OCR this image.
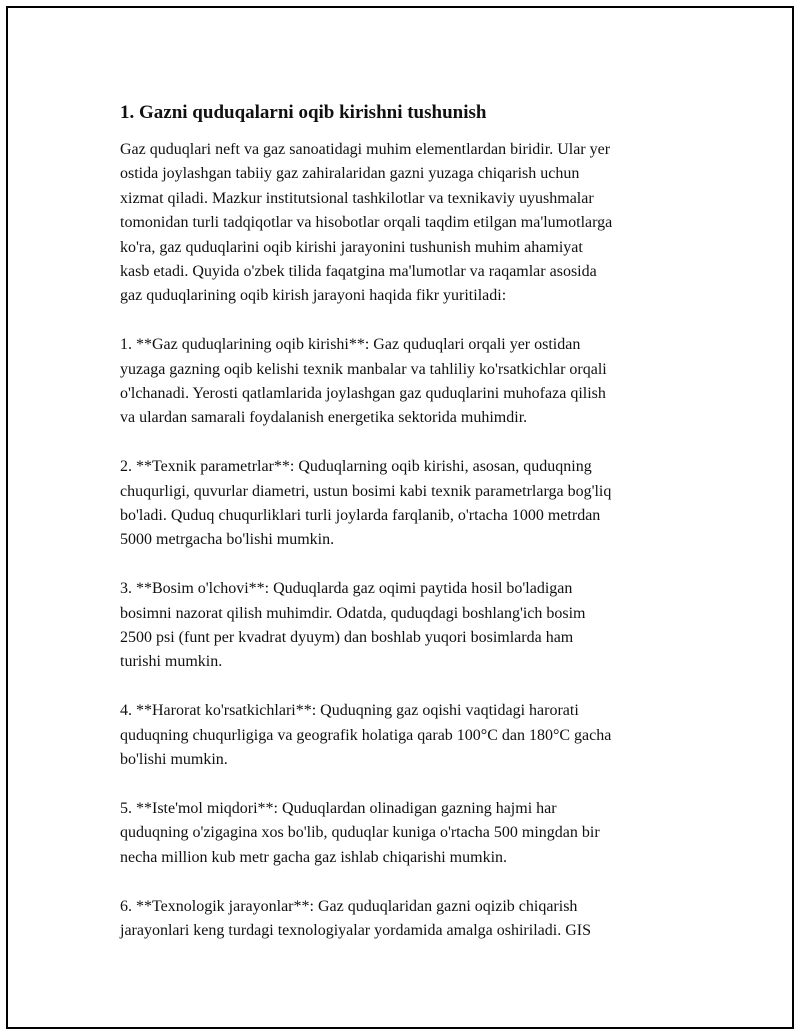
1. Gazni quduqalarni oqib kirishni tushunish

Gaz quduqlari neft va gaz sanoatidagi muhim elementlardan biridir. Ular yer
ostida joylashgan tabiiy gaz zahiralaridan gazni yuzaga chiqarish uchun
xizmat qiladi. Mazkur institutsional tashkilotlar va texnikaviy uyushmalar
tomonidan turli tadqiqotlar va hisobotlar orqali taqdim etilgan ma'lumotlarga
ko'ra, gaz quduqlarini oqib kirishi jarayonini tushunish muhim ahamiyat
kasb etadi. Quyida o'zbek tilida faqatgina ma'lumotlar va raqamlar asosida
gaz quduqlarining oqib kirish jarayoni haqida fikr yuritiladi:

1. **Gaz quduqlarining oqib kirishi**: Gaz quduqlari orqali yer ostidan
yuzaga gazning oqib kelishi texnik manbalar va tahliliy ko'rsatkichlar orqali
o'lchanadi. Yerosti qatlamlarida joylashgan gaz quduqlarini muhofaza qilish
va ulardan samarali foydalanish energetika sektorida muhimdir.

2. **Texnik parametrlar**: Quduqlarning oqib kirishi, asosan, quduqning
chuqurligi, quvurlar diametri, ustun bosimi kabi texnik parametrlarga bog'liq
bo'ladi. Quduq chuqurliklari turli joylarda farqlanib, o'rtacha 1000 metrdan
5000 metrgacha bo'lishi mumkin.

3. **Bosim o'lchovi**: Quduqlarda gaz oqimi paytida hosil bo'ladigan
bosimni nazorat qilish muhimdir. Odatda, quduqdagi boshlang'ich bosim
2500 psi (funt per kvadrat dyuym) dan boshlab yuqori bosimlarda ham
turishi mumkin.

4. **Harorat ko'rsatkichlari**: Quduqning gaz oqishi vaqtidagi harorati
quduqning chuqurligiga va geografik holatiga qarab 100°C dan 180°C gacha
bo'lishi mumkin.

5. **Iste'mol miqdori**: Quduqlardan olinadigan gazning hajmi har
quduqning o'zigagina xos bo'lib, quduqlar kuniga o'rtacha 500 mingdan bir
necha million kub metr gacha gaz ishlab chiqarishi mumkin.

6. **Texnologik jarayonlar**: Gaz quduqlaridan gazni oqizib chiqarish
jarayonlari keng turdagi texnologiyalar yordamida amalga oshiriladi. GIS
